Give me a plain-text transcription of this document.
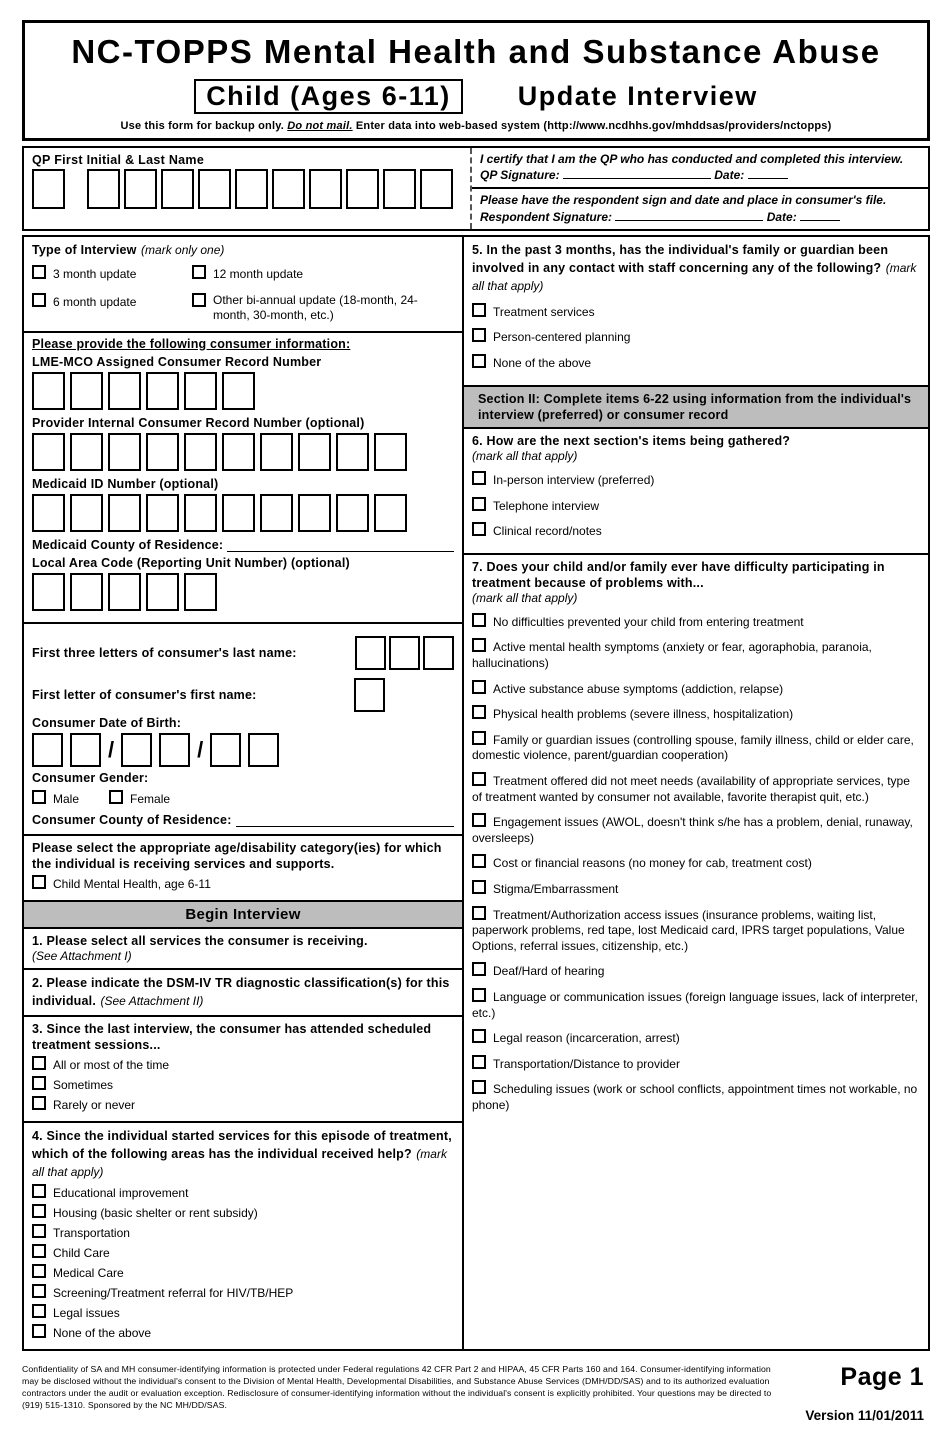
NC-TOPPS Mental Health and Substance Abuse
Child (Ages 6-11)	Update Interview
Use this form for backup only. Do not mail. Enter data into web-based system (http://www.ncdhhs.gov/mhddsas/providers/nctopps)
QP First Initial & Last Name	I certify that I am the QP who has conducted and completed this interview. QP Signature:	Date:
Please have the respondent sign and date and place in consumer's file. Respondent Signature:	Date:
Type of Interview (mark only one)
3 month update	12 month update
6 month update	Other bi-annual update (18-month, 24-month, 30-month, etc.)
Please provide the following consumer information:
LME-MCO Assigned Consumer Record Number
Provider Internal Consumer Record Number (optional)
Medicaid ID Number (optional)
Medicaid County of Residence:
Local Area Code (Reporting Unit Number) (optional)
First three letters of consumer's last name:
First letter of consumer's first name:
Consumer Date of Birth:
/	/
Consumer Gender:
Male	Female
Consumer County of Residence:
Please select the appropriate age/disability category(ies) for which the individual is receiving services and supports.
Child Mental Health, age 6-11
Begin Interview
1. Please select all services the consumer is receiving.
(See Attachment I)
2. Please indicate the DSM-IV TR diagnostic classification(s) for this individual. (See Attachment II)
3. Since the last interview, the consumer has attended scheduled treatment sessions...
All or most of the time
Sometimes
Rarely or never
4. Since the individual started services for this episode of treatment, which of the following areas has the individual received help? (mark all that apply)
Educational improvement
Housing (basic shelter or rent subsidy)
Transportation
Child Care
Medical Care
Screening/Treatment referral for HIV/TB/HEP
Legal issues
None of the above
5. In the past 3 months, has the individual's family or guardian been involved in any contact with staff concerning any of the following? (mark all that apply)
Treatment services
Person-centered planning
None of the above
Section II: Complete items 6-22 using information from the individual's interview (preferred) or consumer record
6. How are the next section's items being gathered?
(mark all that apply)
In-person interview (preferred)
Telephone interview
Clinical record/notes
7. Does your child and/or family ever have difficulty participating in treatment because of problems with...
(mark all that apply)
No difficulties prevented your child from entering treatment
Active mental health symptoms (anxiety or fear, agoraphobia, paranoia, hallucinations)
Active substance abuse symptoms (addiction, relapse)
Physical health problems (severe illness, hospitalization)
Family or guardian issues (controlling spouse, family illness, child or elder care, domestic violence, parent/guardian cooperation)
Treatment offered did not meet needs (availability of appropriate services, type of treatment wanted by consumer not available, favorite therapist quit, etc.)
Engagement issues (AWOL, doesn't think s/he has a problem, denial, runaway, oversleeps)
Cost or financial reasons (no money for cab, treatment cost)
Stigma/Embarrassment
Treatment/Authorization access issues (insurance problems, waiting list, paperwork problems, red tape, lost Medicaid card, IPRS target populations, Value Options, referral issues, citizenship, etc.)
Deaf/Hard of hearing
Language or communication issues (foreign language issues, lack of interpreter, etc.)
Legal reason (incarceration, arrest)
Transportation/Distance to provider
Scheduling issues (work or school conflicts, appointment times not workable, no phone)
Confidentiality of SA and MH consumer-identifying information is protected under Federal regulations 42 CFR Part 2 and HIPAA, 45 CFR Parts 160 and 164. Consumer-identifying information may be disclosed without the individual's consent to the Division of Mental Health, Developmental Disabilities, and Substance Abuse Services (DMH/DD/SAS) and to its authorized evaluation contractors under the audit or evaluation exception. Redisclosure of consumer-identifying information without the individual's consent is explicitly prohibited. Your questions may be directed to (919) 515-1310. Sponsored by the NC MH/DD/SAS.
Page 1
Version 11/01/2011
